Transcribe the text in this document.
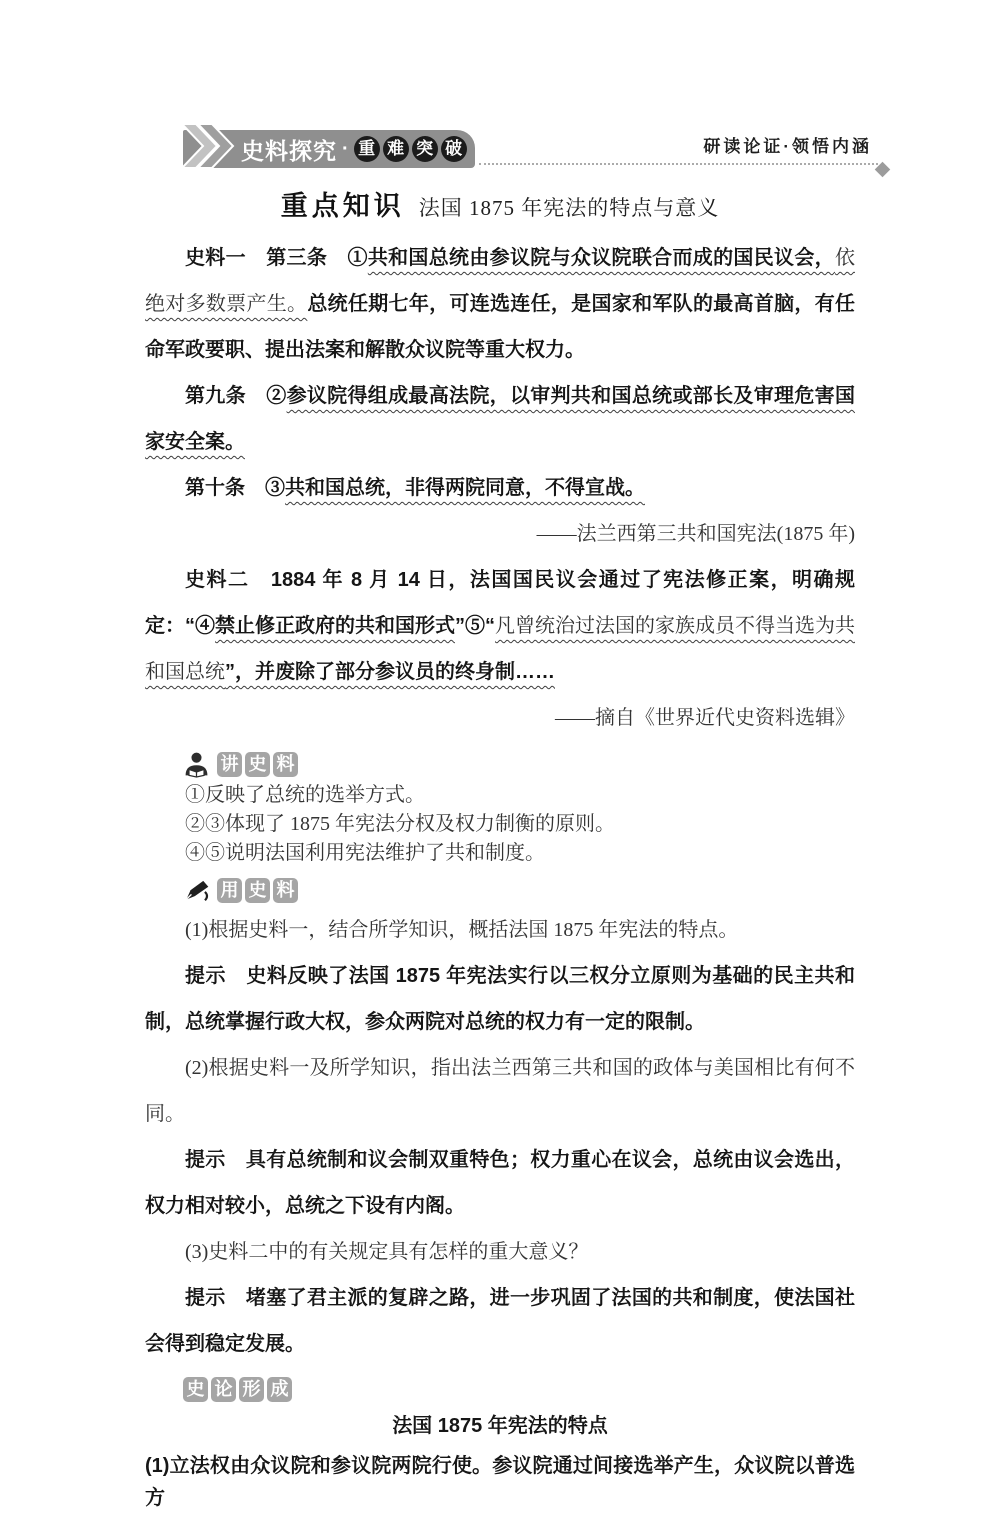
史料探究 · 重 难 突 破	研读论证·领悟内涵
重点知识 法国 1875 年宪法的特点与意义

史料一　第三条　①共和国总统由参议院与众议院联合而成的国民议会，依绝对多数票产生。总统任期七年，可连选连任，是国家和军队的最高首脑，有任命军政要职、提出法案和解散众议院等重大权力。

第九条　②参议院得组成最高法院，以审判共和国总统或部长及审理危害国家安全案。

第十条　③共和国总统，非得两院同意，不得宣战。

——法兰西第三共和国宪法(1875 年)

史料二　1884 年 8 月 14 日，法国国民议会通过了宪法修正案，明确规定：“④禁止修正政府的共和国形式”⑤“凡曾统治过法国的家族成员不得当选为共和国总统”，并废除了部分参议员的终身制……

——摘自《世界近代史资料选辑》

讲 史 料

①反映了总统的选举方式。

②③体现了 1875 年宪法分权及权力制衡的原则。

④⑤说明法国利用宪法维护了共和制度。

用 史 料

(1)根据史料一，结合所学知识，概括法国 1875 年宪法的特点。

提示　史料反映了法国 1875 年宪法实行以三权分立原则为基础的民主共和制，总统掌握行政大权，参众两院对总统的权力有一定的限制。

(2)根据史料一及所学知识，指出法兰西第三共和国的政体与美国相比有何不同。

提示　具有总统制和议会制双重特色；权力重心在议会，总统由议会选出，权力相对较小，总统之下设有内阁。

(3)史料二中的有关规定具有怎样的重大意义？

提示　堵塞了君主派的复辟之路，进一步巩固了法国的共和制度，使法国社会得到稳定发展。

史 论 形 成

法国 1875 年宪法的特点

(1)立法权由众议院和参议院两院行使。参议院通过间接选举产生，众议院以普选方
